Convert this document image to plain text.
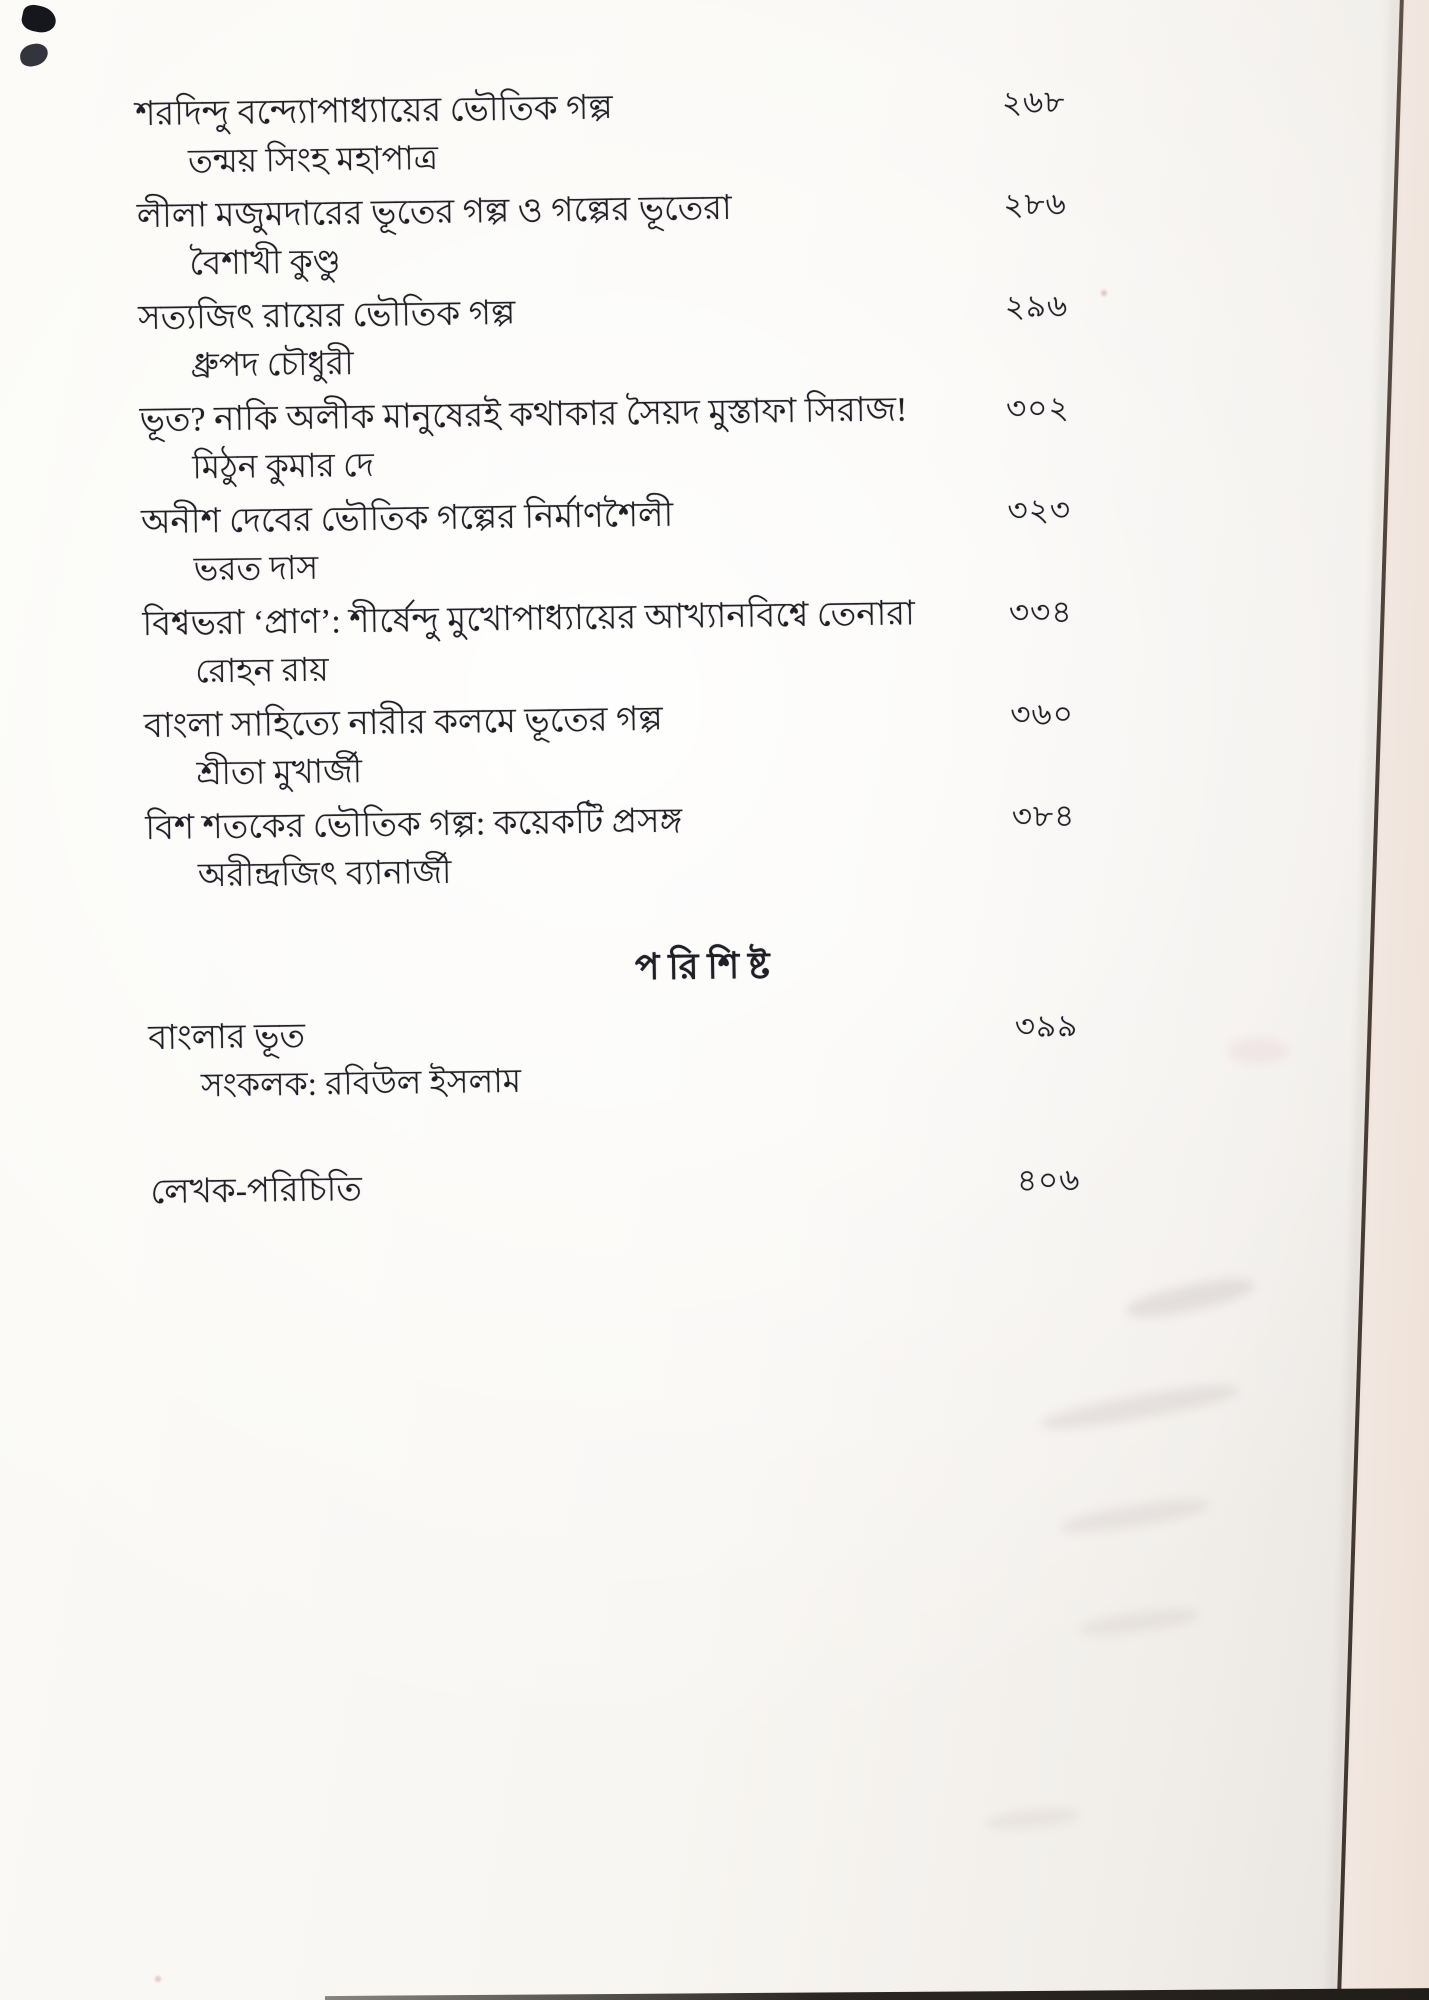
শরদিন্দু বন্দ্যোপাধ্যায়ের ভৌতিক গল্প	২৬৮
তন্ময় সিংহ মহাপাত্র
লীলা মজুমদারের ভূতের গল্প ও গল্পের ভূতেরা	২৮৬
বৈশাখী কুণ্ডু
সত্যজিৎ রায়ের ভৌতিক গল্প	২৯৬
ধ্রুপদ চৌধুরী
ভূত? নাকি অলীক মানুষেরই কথাকার সৈয়দ মুস্তাফা সিরাজ!	৩০২
মিঠুন কুমার দে
অনীশ দেবের ভৌতিক গল্পের নির্মাণশৈলী	৩২৩
ভরত দাস
বিশ্বভরা ‘প্রাণ’: শীর্ষেন্দু মুখোপাধ্যায়ের আখ্যানবিশ্বে তেনারা	৩৩৪
রোহন রায়
বাংলা সাহিত্যে নারীর কলমে ভূতের গল্প	৩৬০
শ্রীতা মুখার্জী
বিশ শতকের ভৌতিক গল্প: কয়েকটি প্রসঙ্গ	৩৮৪
অরীন্দ্রজিৎ ব্যানার্জী
প রি শি ষ্ট
বাংলার ভূত	৩৯৯
সংকলক: রবিউল ইসলাম
লেখক-পরিচিতি	৪০৬
